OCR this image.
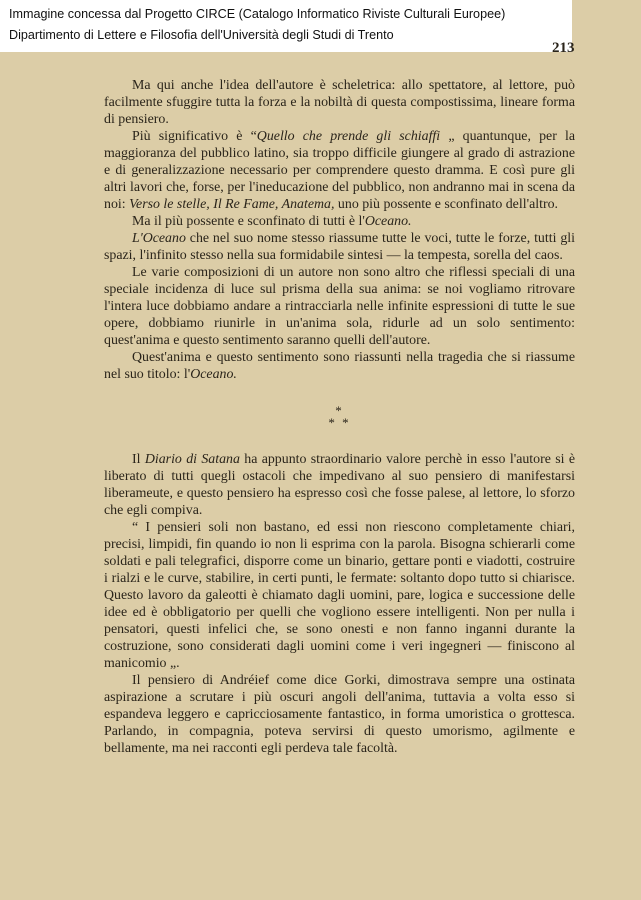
Immagine concessa dal Progetto CIRCE (Catalogo Informatico Riviste Culturali Europee)
Dipartimento di Lettere e Filosofia dell'Università degli Studi di Trento
213

Ma qui anche l'idea dell'autore è scheletrica: allo spettatore, al lettore, può facilmente sfuggire tutta la forza e la nobiltà di questa compostissima, lineare forma di pensiero.

Più significativo è “Quello che prende gli schiaffi „ quantunque, per la maggioranza del pubblico latino, sia troppo difficile giungere al grado di astrazione e di generalizzazione necessario per comprendere questo dramma. E così pure gli altri lavori che, forse, per l'ineducazione del pubblico, non andranno mai in scena da noi: Verso le stelle, Il Re Fame, Anatema, uno più possente e sconfinato dell'altro.

Ma il più possente e sconfinato di tutti è l'Oceano.

L'Oceano che nel suo nome stesso riassume tutte le voci, tutte le forze, tutti gli spazi, l'infinito stesso nella sua formidabile sintesi — la tempesta, sorella del caos.

Le varie composizioni di un autore non sono altro che riflessi speciali di una speciale incidenza di luce sul prisma della sua anima: se noi vogliamo ritrovare l'intera luce dobbiamo andare a rintracciarla nelle infinite espressioni di tutte le sue opere, dobbiamo riunirle in un'anima sola, ridurle ad un solo sentimento: quest'anima e questo sentimento saranno quelli dell'autore.

Quest'anima e questo sentimento sono riassunti nella tragedia che si riassume nel suo titolo: l'Oceano.

*
* *

Il Diario di Satana ha appunto straordinario valore perchè in esso l'autore si è liberato di tutti quegli ostacoli che impedivano al suo pensiero di manifestarsi liberameute, e questo pensiero ha espresso così che fosse palese, al lettore, lo sforzo che egli compiva.

“ I pensieri soli non bastano, ed essi non riescono completamente chiari, precisi, limpidi, fin quando io non li esprima con la parola. Bisogna schierarli come soldati e pali telegrafici, disporre come un binario, gettare ponti e viadotti, costruire i rialzi e le curve, stabilire, in certi punti, le fermate: soltanto dopo tutto si chiarisce. Questo lavoro da galeotti è chiamato dagli uomini, pare, logica e successione delle idee ed è obbligatorio per quelli che vogliono essere intelligenti. Non per nulla i pensatori, questi infelici che, se sono onesti e non fanno inganni durante la costruzione, sono considerati dagli uomini come i veri ingegneri — finiscono al manicomio „.

Il pensiero di Andréief come dice Gorki, dimostrava sempre una ostinata aspirazione a scrutare i più oscuri angoli dell'anima, tuttavia a volta esso si espandeva leggero e capricciosamente fantastico, in forma umoristica o grottesca. Parlando, in compagnia, poteva servirsi di questo umorismo, agilmente e bellamente, ma nei racconti egli perdeva tale facoltà.
